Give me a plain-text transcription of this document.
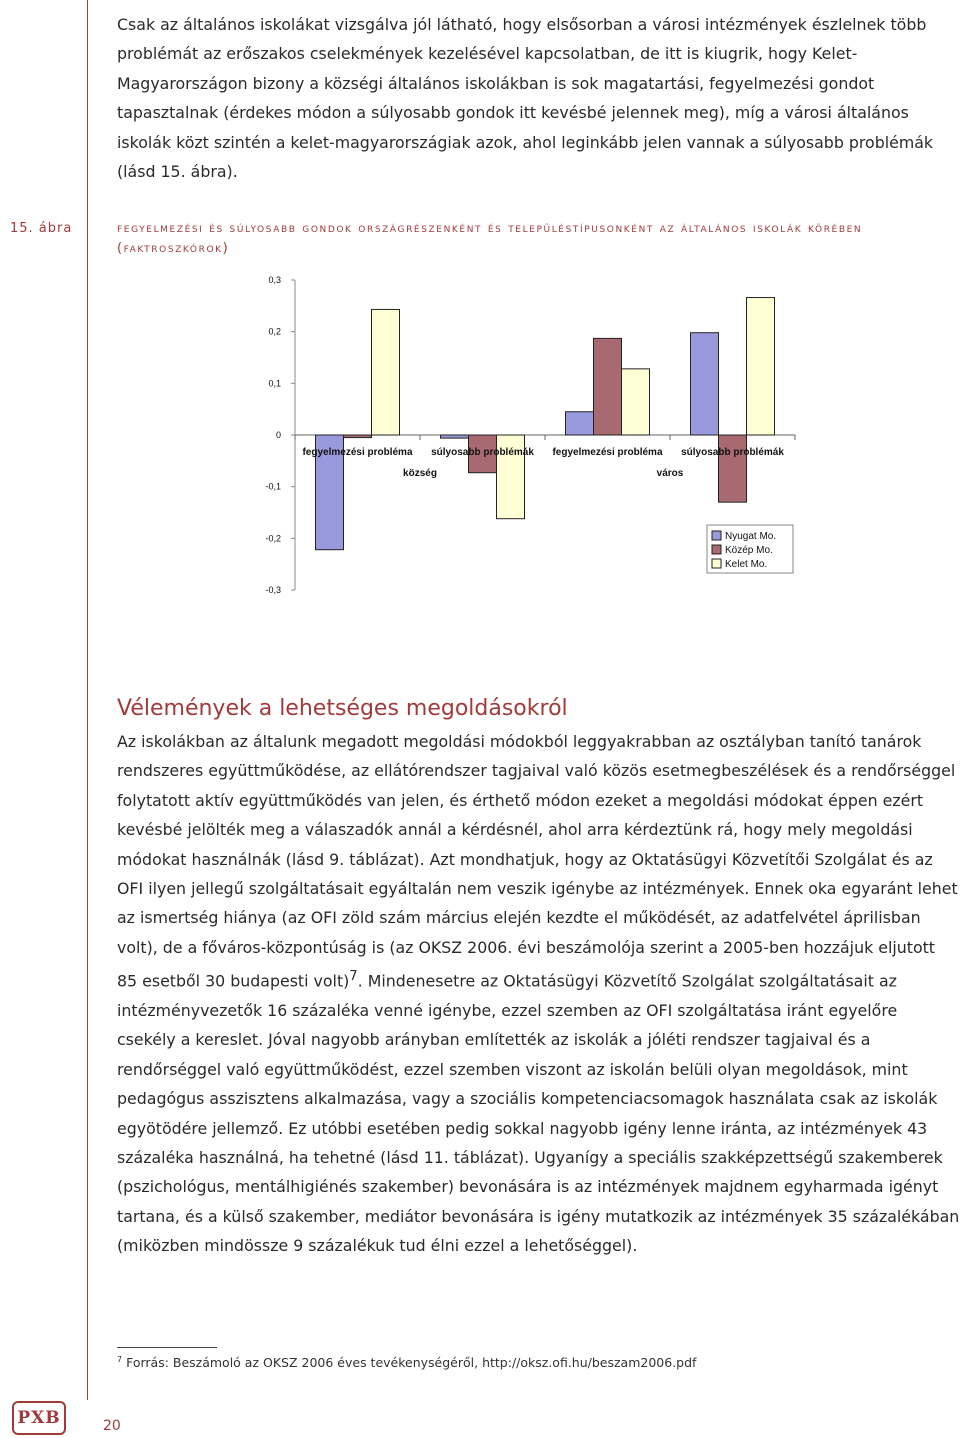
Csak az általános iskolákat vizsgálva jól látható, hogy elsősorban a városi intézmények észlelnek több problémát az erőszakos cselekmények kezelésével kapcsolatban, de itt is kiugrik, hogy Kelet-Magyarországon bizony a községi általános iskolákban is sok magatartási, fegyelmezési gondot tapasztalnak (érdekes módon a súlyosabb gondok itt kevésbé jelennek meg), míg a városi általános iskolák közt szintén a kelet-magyarországiak azok, ahol leginkább jelen vannak a súlyosabb problémák (lásd 15. ábra).

15. ábra	fegyelmezési és súlyosabb gondok országrészenként és településtípusonként az általános iskolák körében (faktroszkórok)
0,3
0,2
0,1
0
-0,1
-0,2
-0,3
fegyelmezési probléma súlyosabb problémák fegyelmezési probléma súlyosabb problémák
község	város
Nyugat Mo.
Közép Mo.
Kelet Mo.
Vélemények a lehetséges megoldásokról

Az iskolákban az általunk megadott megoldási módokból leggyakrabban az osztályban tanító tanárok rendszeres együttműködése, az ellátórendszer tagjaival való közös esetmegbeszélések és a rendőrséggel folytatott aktív együttműködés van jelen, és érthető módon ezeket a megoldási módokat éppen ezért kevésbé jelölték meg a válaszadók annál a kérdésnél, ahol arra kérdeztünk rá, hogy mely megoldási módokat használnák (lásd 9. táblázat). Azt mondhatjuk, hogy az Oktatásügyi Közvetítői Szolgálat és az OFI ilyen jellegű szolgáltatásait egyáltalán nem veszik igénybe az intézmények. Ennek oka egyaránt lehet az ismertség hiánya (az OFI zöld szám március elején kezdte el működését, az adatfelvétel áprilisban volt), de a főváros-központúság is (az OKSZ 2006. évi beszámolója szerint a 2005-ben hozzájuk eljutott 85 esetből 30 budapesti volt)$^7$. Mindenesetre az Oktatásügyi Közvetítő Szolgálat szolgáltatásait az intézményvezetők 16 százaléka venné igénybe, ezzel szemben az OFI szolgáltatása iránt egyelőre csekély a kereslet. Jóval nagyobb arányban említették az iskolák a jóléti rendszer tagjaival és a rendőrséggel való együttműködést, ezzel szemben viszont az iskolán belüli olyan megoldások, mint pedagógus asszisztens alkalmazása, vagy a szociális kompetenciacsomagok használata csak az iskolák egyötödére jellemző. Ez utóbbi esetében pedig sokkal nagyobb igény lenne iránta, az intézmények 43 százaléka használná, ha tehetné (lásd 11. táblázat). Ugyanígy a speciális szakképzettségű szakemberek (pszichológus, mentálhigiénés szakember) bevonására is az intézmények majdnem egyharmada igényt tartana, és a külső szakember, mediátor bevonására is igény mutatkozik az intézmények 35 százalékában (miközben mindössze 9 százalékuk tud élni ezzel a lehetőséggel).

$^7$ Forrás: Beszámoló az OKSZ 2006 éves tevékenységéről, http://oksz.ofi.hu/beszam2006.pdf
PXB	20
